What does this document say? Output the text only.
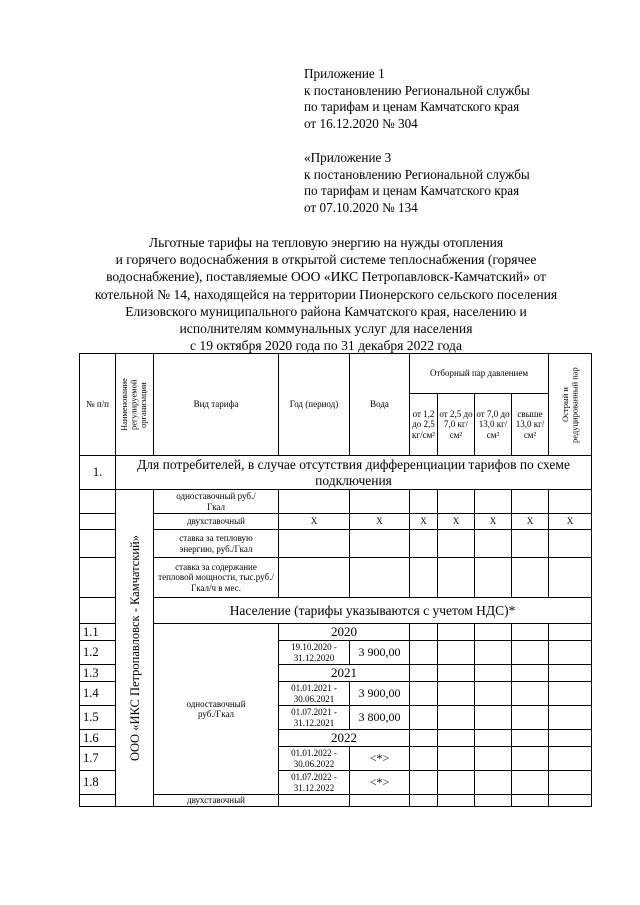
Приложение 1
к постановлению Региональной службы
по тарифам и ценам Камчатского края
от 16.12.2020 № 304
«Приложение 3
к постановлению Региональной службы
по тарифам и ценам Камчатского края
от 07.10.2020 № 134
Льготные тарифы на тепловую энергию на нужды отопления
и горячего водоснабжения в открытой системе теплоснабжения (горячее
водоснабжение), поставляемые ООО «ИКС Петропавловск-Камчатский» от
котельной № 14, находящейся на территории Пионерского сельского поселения
Елизовского муниципального района Камчатского края, населению и
исполнителям коммунальных услуг для населения
с 19 октября 2020 года по 31 декабря 2022 года
№ п/п	Наименование регулируемой организации	Вид тарифа	Год (период)	Вода	Отборный пар давлением				Острый и редуцированный пар

					от 1,2 до 2,5 кг/см²	от 2,5 до 7,0 кг/см²	от 7,0 до 13,0 кг/см²	свыше 13,0 кг/см²	
1.	Для потребителей, в случае отсутствия дифференциации тарифов по схеме подключения								

	ООО «ИКС Петропавловск - Камчатский»	одноставочный руб./Гкал							
		двухставочный	X	X	X	X	X	X	X
		ставка за тепловую энергию, руб./Гкал							
		ставка за содержание тепловой мощности, тыс.руб./Гкал/ч в мес.							
		Население (тарифы указываются с учетом НДС)*							
1.1		одноставочный руб./Гкал	2020						
1.2			19.10.2020 - 31.12.2020	3 900,00					
1.3			2021						
1.4			01.01.2021 - 30.06.2021	3 900,00					
1.5			01.07.2021 - 31.12.2021	3 800,00					
1.6			2022						
1.7			01.01.2022 - 30.06.2022	<*>					
1.8			01.07.2022 - 31.12.2022	<*>					
		двухставочный							
